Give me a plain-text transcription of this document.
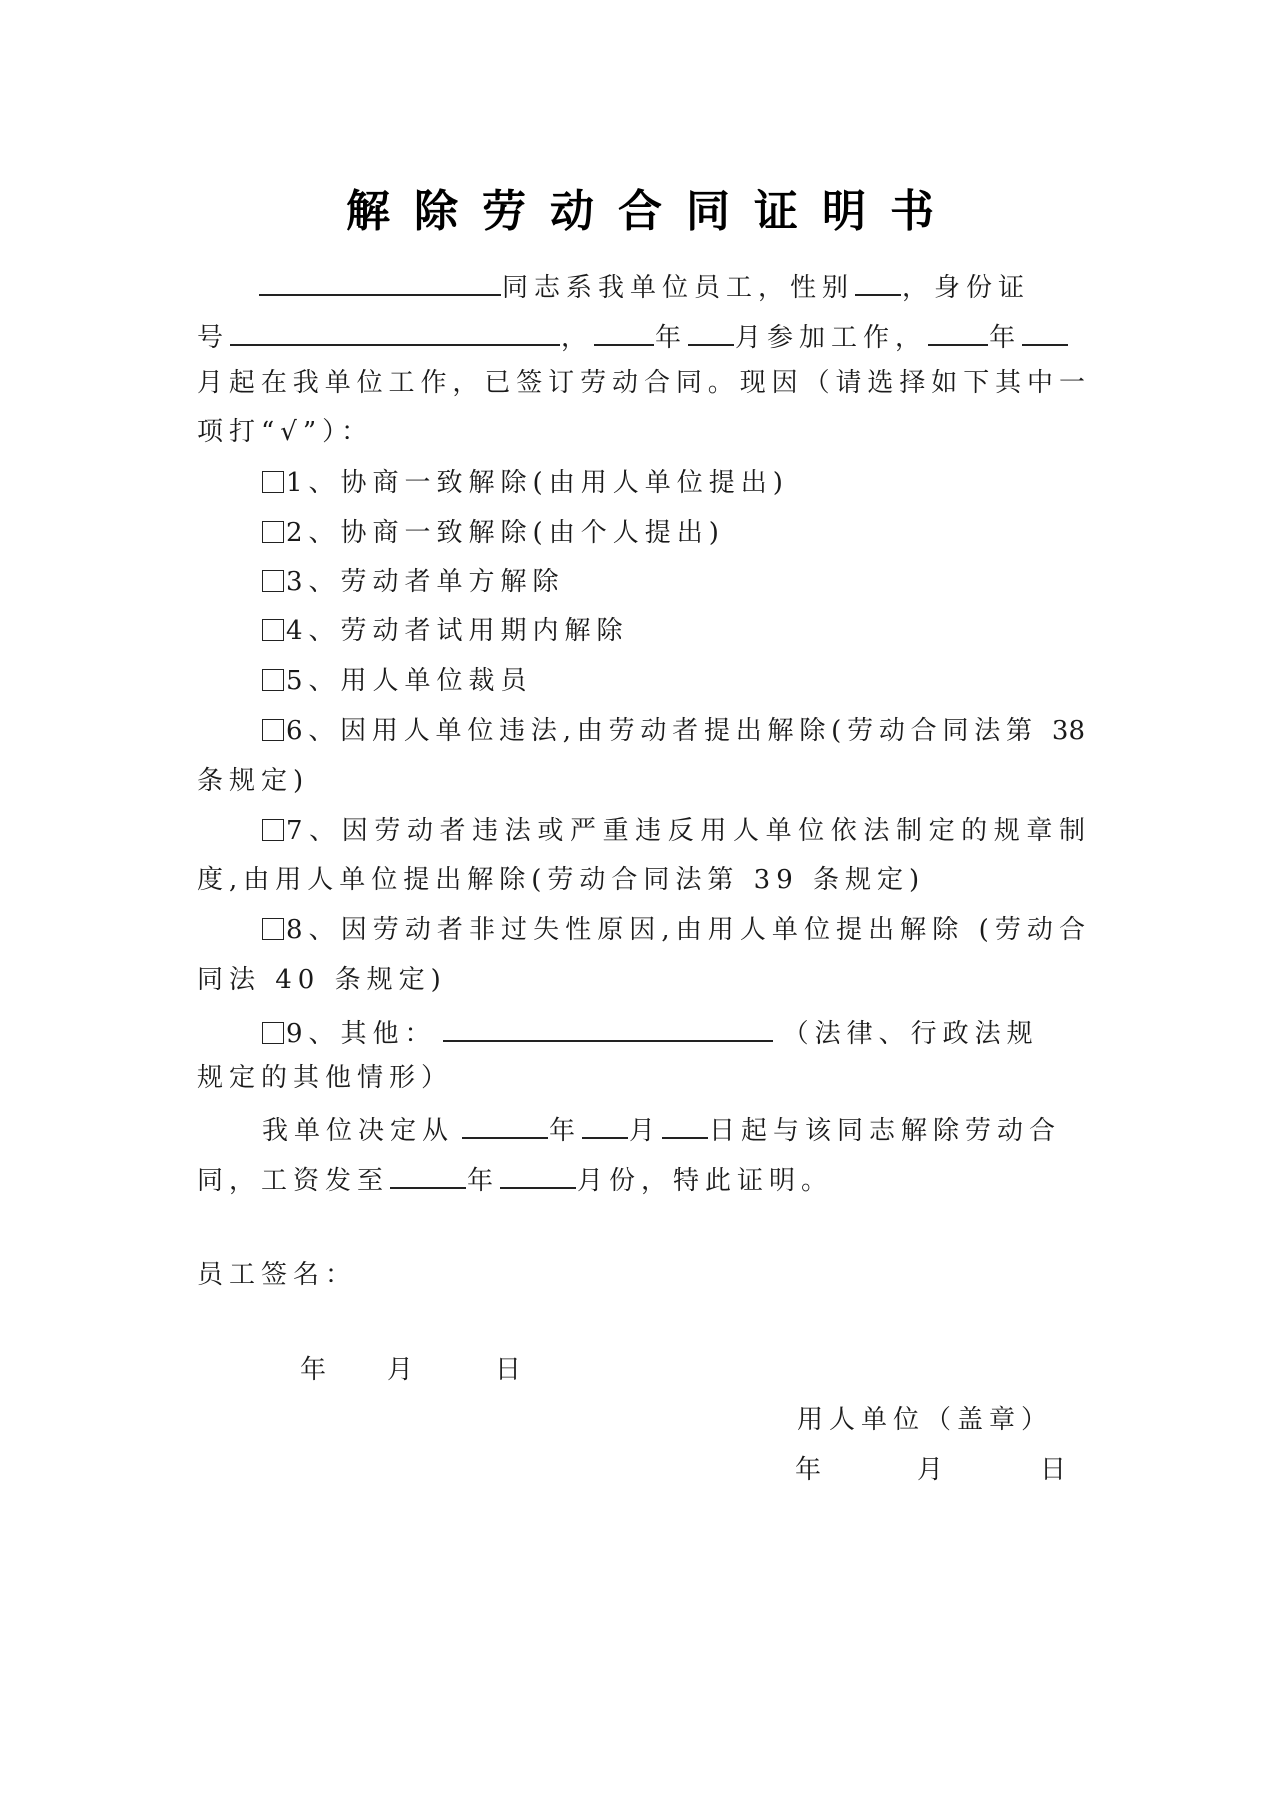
解除劳动合同证明书
同志系我单位员工，性别 ，身份证
号	， 年 月参加工作， 年
月起在我单位工作，已签订劳动合同。现因（请选择如下其中一
项打“√”）：
1、协商一致解除(由用人单位提出)
2、协商一致解除(由个人提出)
3、劳动者单方解除
4、劳动者试用期内解除
5、用人单位裁员
6、因用人单位违法,由劳动者提出解除(劳动合同法第 38
条规定)
7、因劳动者违法或严重违反用人单位依法制定的规章制
度,由用人单位提出解除(劳动合同法第 39 条规定)
8、因劳动者非过失性原因,由用人单位提出解除 (劳动合
同法 40 条规定)
9、其他：	（法律、行政法规
规定的其他情形）
我单位决定从	年 月 日起与该同志解除劳动合
同，工资发至	年	月份，特此证明。
员工签名：
年 月	日
用人单位（盖章）
年	月	日
